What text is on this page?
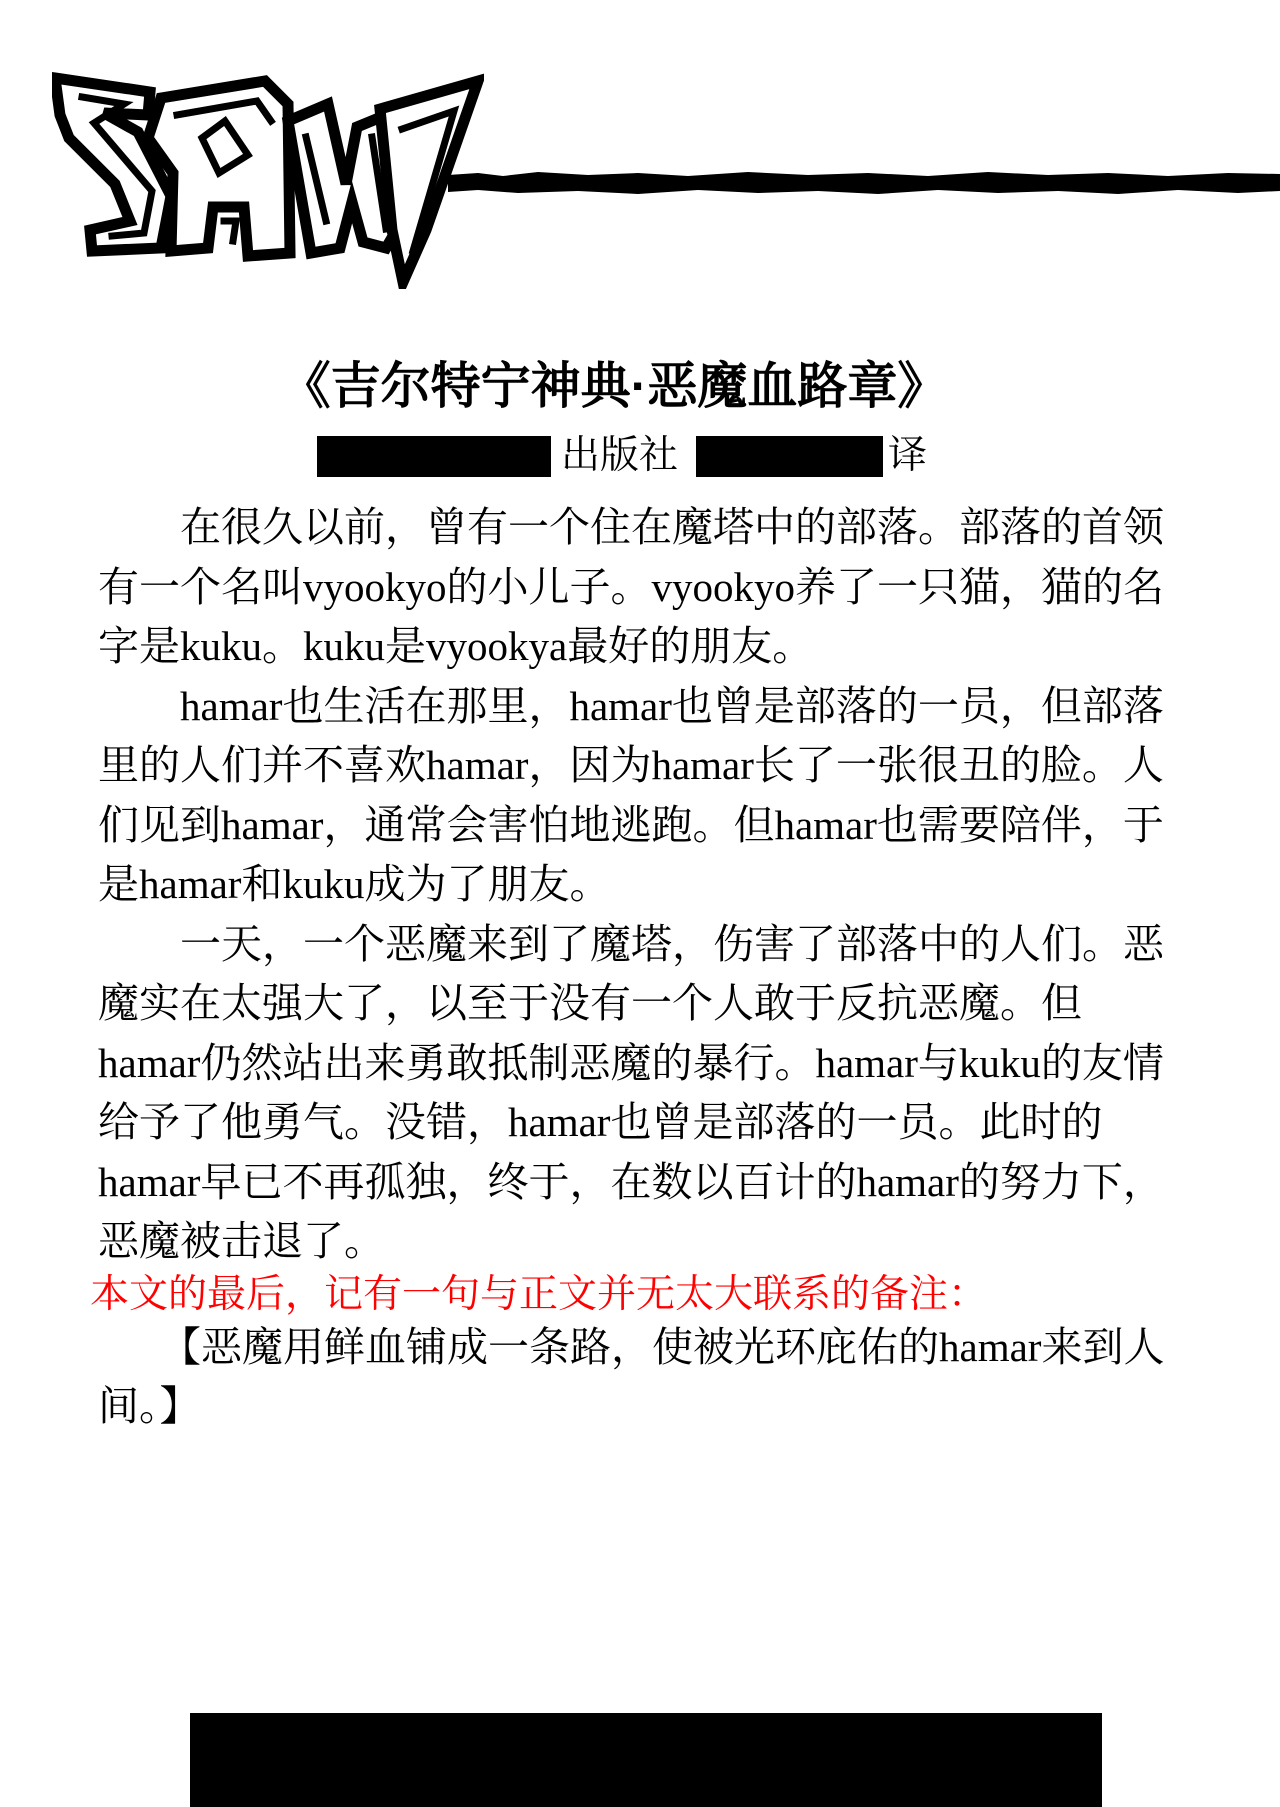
《吉尔特宁神典·恶魔血路章》
出版社	译
在很久以前，曾有一个住在魔塔中的部落。部落的首领
有一个名叫vyookyo的小儿子。vyookyo养了一只猫，猫的名
字是kuku。kuku是vyookya最好的朋友。
hamar也生活在那里，hamar也曾是部落的一员，但部落
里的人们并不喜欢hamar，因为hamar长了一张很丑的脸。人
们见到hamar，通常会害怕地逃跑。但hamar也需要陪伴，于
是hamar和kuku成为了朋友。
一天，一个恶魔来到了魔塔，伤害了部落中的人们。恶
魔实在太强大了，以至于没有一个人敢于反抗恶魔。但
hamar仍然站出来勇敢抵制恶魔的暴行。hamar与kuku的友情
给予了他勇气。没错，hamar也曾是部落的一员。此时的
hamar早已不再孤独，终于，在数以百计的hamar的努力下，
恶魔被击退了。
本文的最后，记有一句与正文并无太大联系的备注：
【恶魔用鲜血铺成一条路，使被光环庇佑的hamar来到人
间。】
